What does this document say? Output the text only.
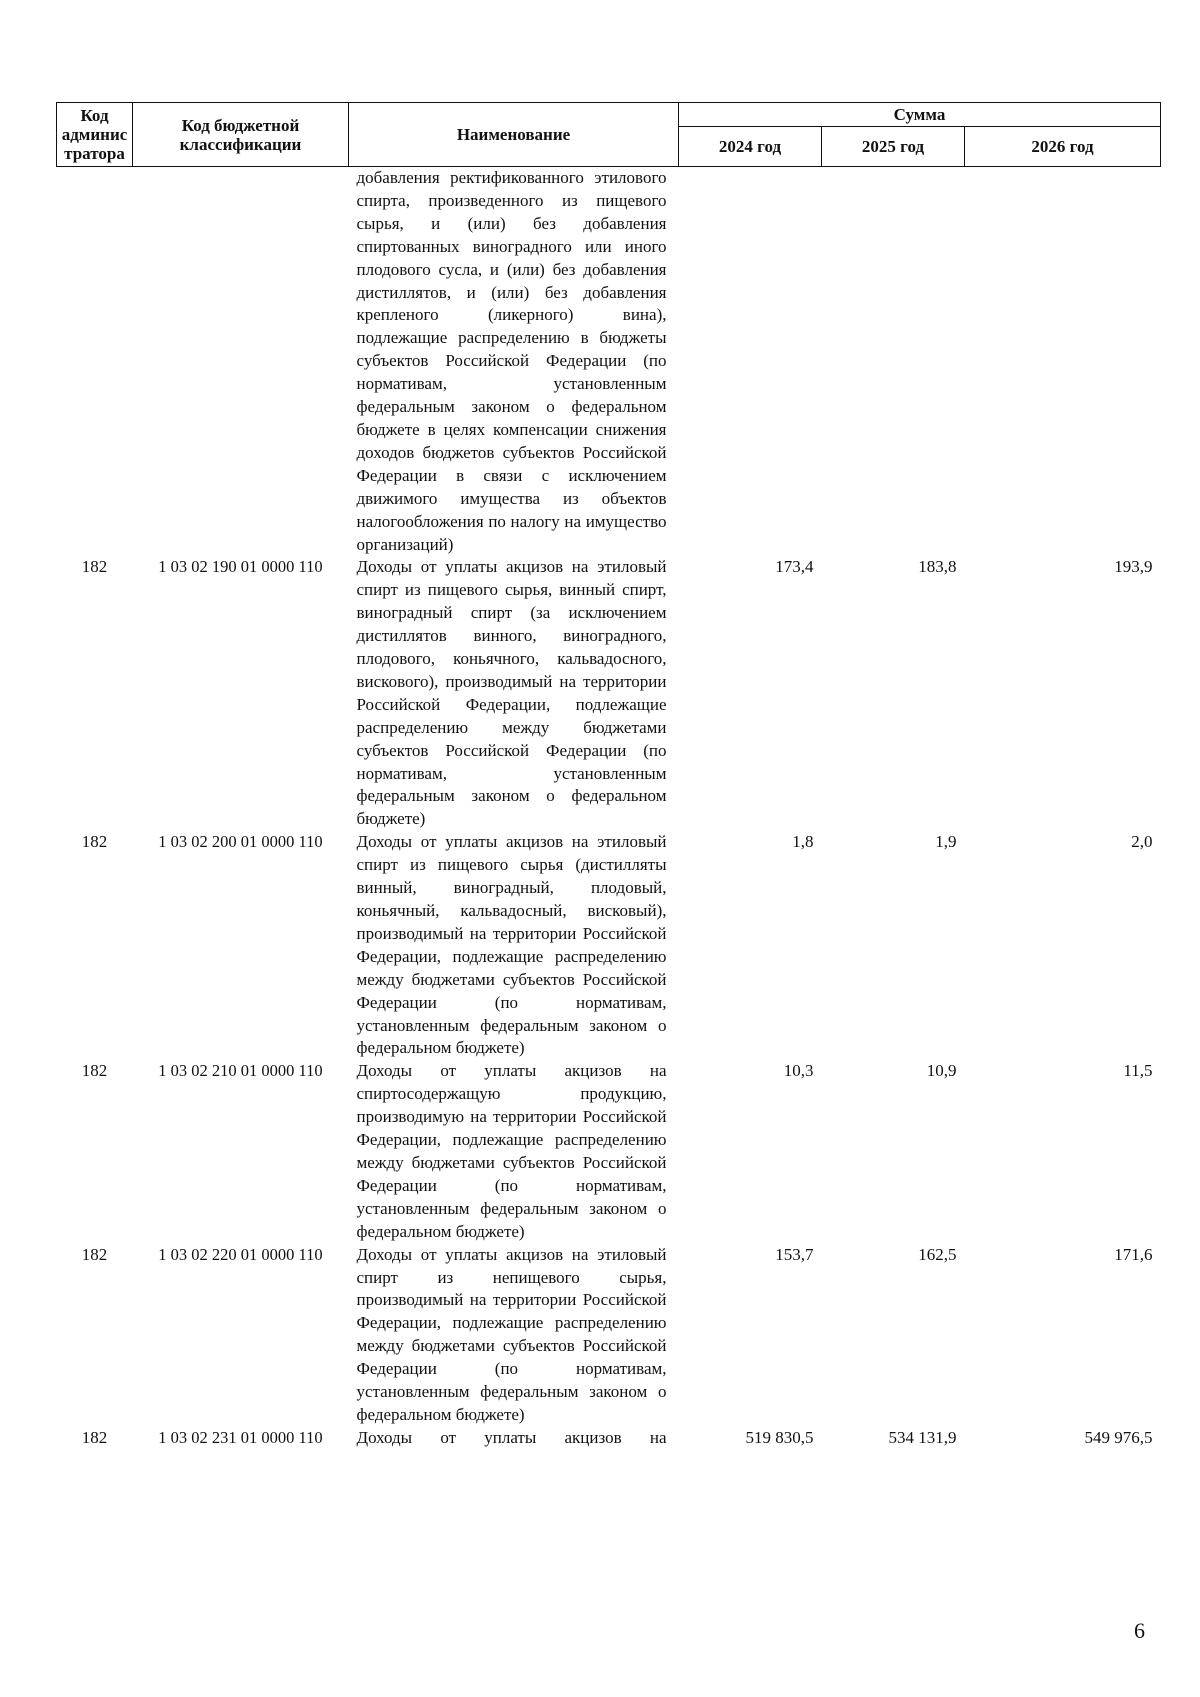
Код админис тратора	Код бюджетной классификации	Наименование	Сумма		
			2024 год	2025 год	2026 год
		добавления ректификованного этилового спирта, произведенного из пищевого сырья, и (или) без добавления спиртованных виноградного или иного плодового сусла, и (или) без добавления дистиллятов, и (или) без добавления крепленого (ликерного) вина), подлежащие распределению в бюджеты субъектов Российской Федерации (по нормативам, установленным федеральным законом о федеральном бюджете в целях компенсации снижения доходов бюджетов субъектов Российской Федерации в связи с исключением движимого имущества из объектов налогообложения по налогу на имущество организаций)			
182	1 03 02 190 01 0000 110	Доходы от уплаты акцизов на этиловый спирт из пищевого сырья, винный спирт, виноградный спирт (за исключением дистиллятов винного, виноградного, плодового, коньячного, кальвадосного, вискового), производимый на территории Российской Федерации, подлежащие распределению между бюджетами субъектов Российской Федерации (по нормативам, установленным федеральным законом о федеральном бюджете)	173,4	183,8	193,9
182	1 03 02 200 01 0000 110	Доходы от уплаты акцизов на этиловый спирт из пищевого сырья (дистилляты винный, виноградный, плодовый, коньячный, кальвадосный, висковый), производимый на территории Российской Федерации, подлежащие распределению между бюджетами субъектов Российской Федерации (по нормативам, установленным федеральным законом о федеральном бюджете)	1,8	1,9	2,0
182	1 03 02 210 01 0000 110	Доходы от уплаты акцизов на спиртосодержащую продукцию, производимую на территории Российской Федерации, подлежащие распределению между бюджетами субъектов Российской Федерации (по нормативам, установленным федеральным законом о федеральном бюджете)	10,3	10,9	11,5
182	1 03 02 220 01 0000 110	Доходы от уплаты акцизов на этиловый спирт из непищевого сырья, производимый на территории Российской Федерации, подлежащие распределению между бюджетами субъектов Российской Федерации (по нормативам, установленным федеральным законом о федеральном бюджете)	153,7	162,5	171,6
182	1 03 02 231 01 0000 110	Доходы от уплаты акцизов на	519 830,5	534 131,9	549 976,5
6
